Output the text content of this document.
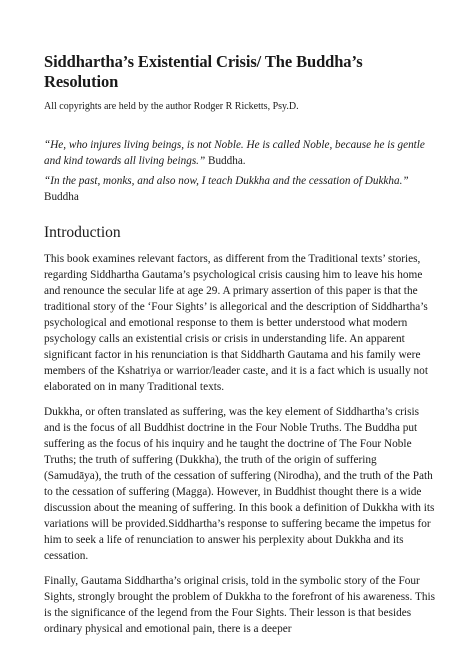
Siddhartha’s Existential Crisis/ The Buddha’s Resolution

All copyrights are held by the author Rodger R Ricketts, Psy.D.

“He, who injures living beings, is not Noble. He is called Noble, because he is gentle and kind towards all living beings.” Buddha.

“In the past, monks, and also now, I teach Dukkha and the cessation of Dukkha.”

Buddha

Introduction

This book examines relevant factors, as different from the Traditional texts’ stories, regarding Siddhartha Gautama’s psychological crisis causing him to leave his home and renounce the secular life at age 29. A primary assertion of this paper is that the traditional story of the ‘Four Sights’ is allegorical and the description of Siddhartha’s psychological and emotional response to them is better understood what modern psychology calls an existential crisis or crisis in understanding life. An apparent significant factor in his renunciation is that Siddharth Gautama and his family were members of the Kshatriya or warrior/leader caste, and it is a fact which is usually not elaborated on in many Traditional texts.

Dukkha, or often translated as suffering, was the key element of Siddhartha’s crisis and is the focus of all Buddhist doctrine in the Four Noble Truths. The Buddha put suffering as the focus of his inquiry and he taught the doctrine of The Four Noble Truths; the truth of suffering (Dukkha), the truth of the origin of suffering (Samudāya), the truth of the cessation of suffering (Nirodha), and the truth of the Path to the cessation of suffering (Magga). However, in Buddhist thought there is a wide discussion about the meaning of suffering. In this book a definition of Dukkha with its variations will be provided.Siddhartha’s response to suffering became the impetus for him to seek a life of renunciation to answer his perplexity about Dukkha and its cessation.

Finally, Gautama Siddhartha’s original crisis, told in the symbolic story of the Four Sights, strongly brought the problem of Dukkha to the forefront of his awareness. This is the significance of the legend from the Four Sights. Their lesson is that besides ordinary physical and emotional pain, there is a deeper
